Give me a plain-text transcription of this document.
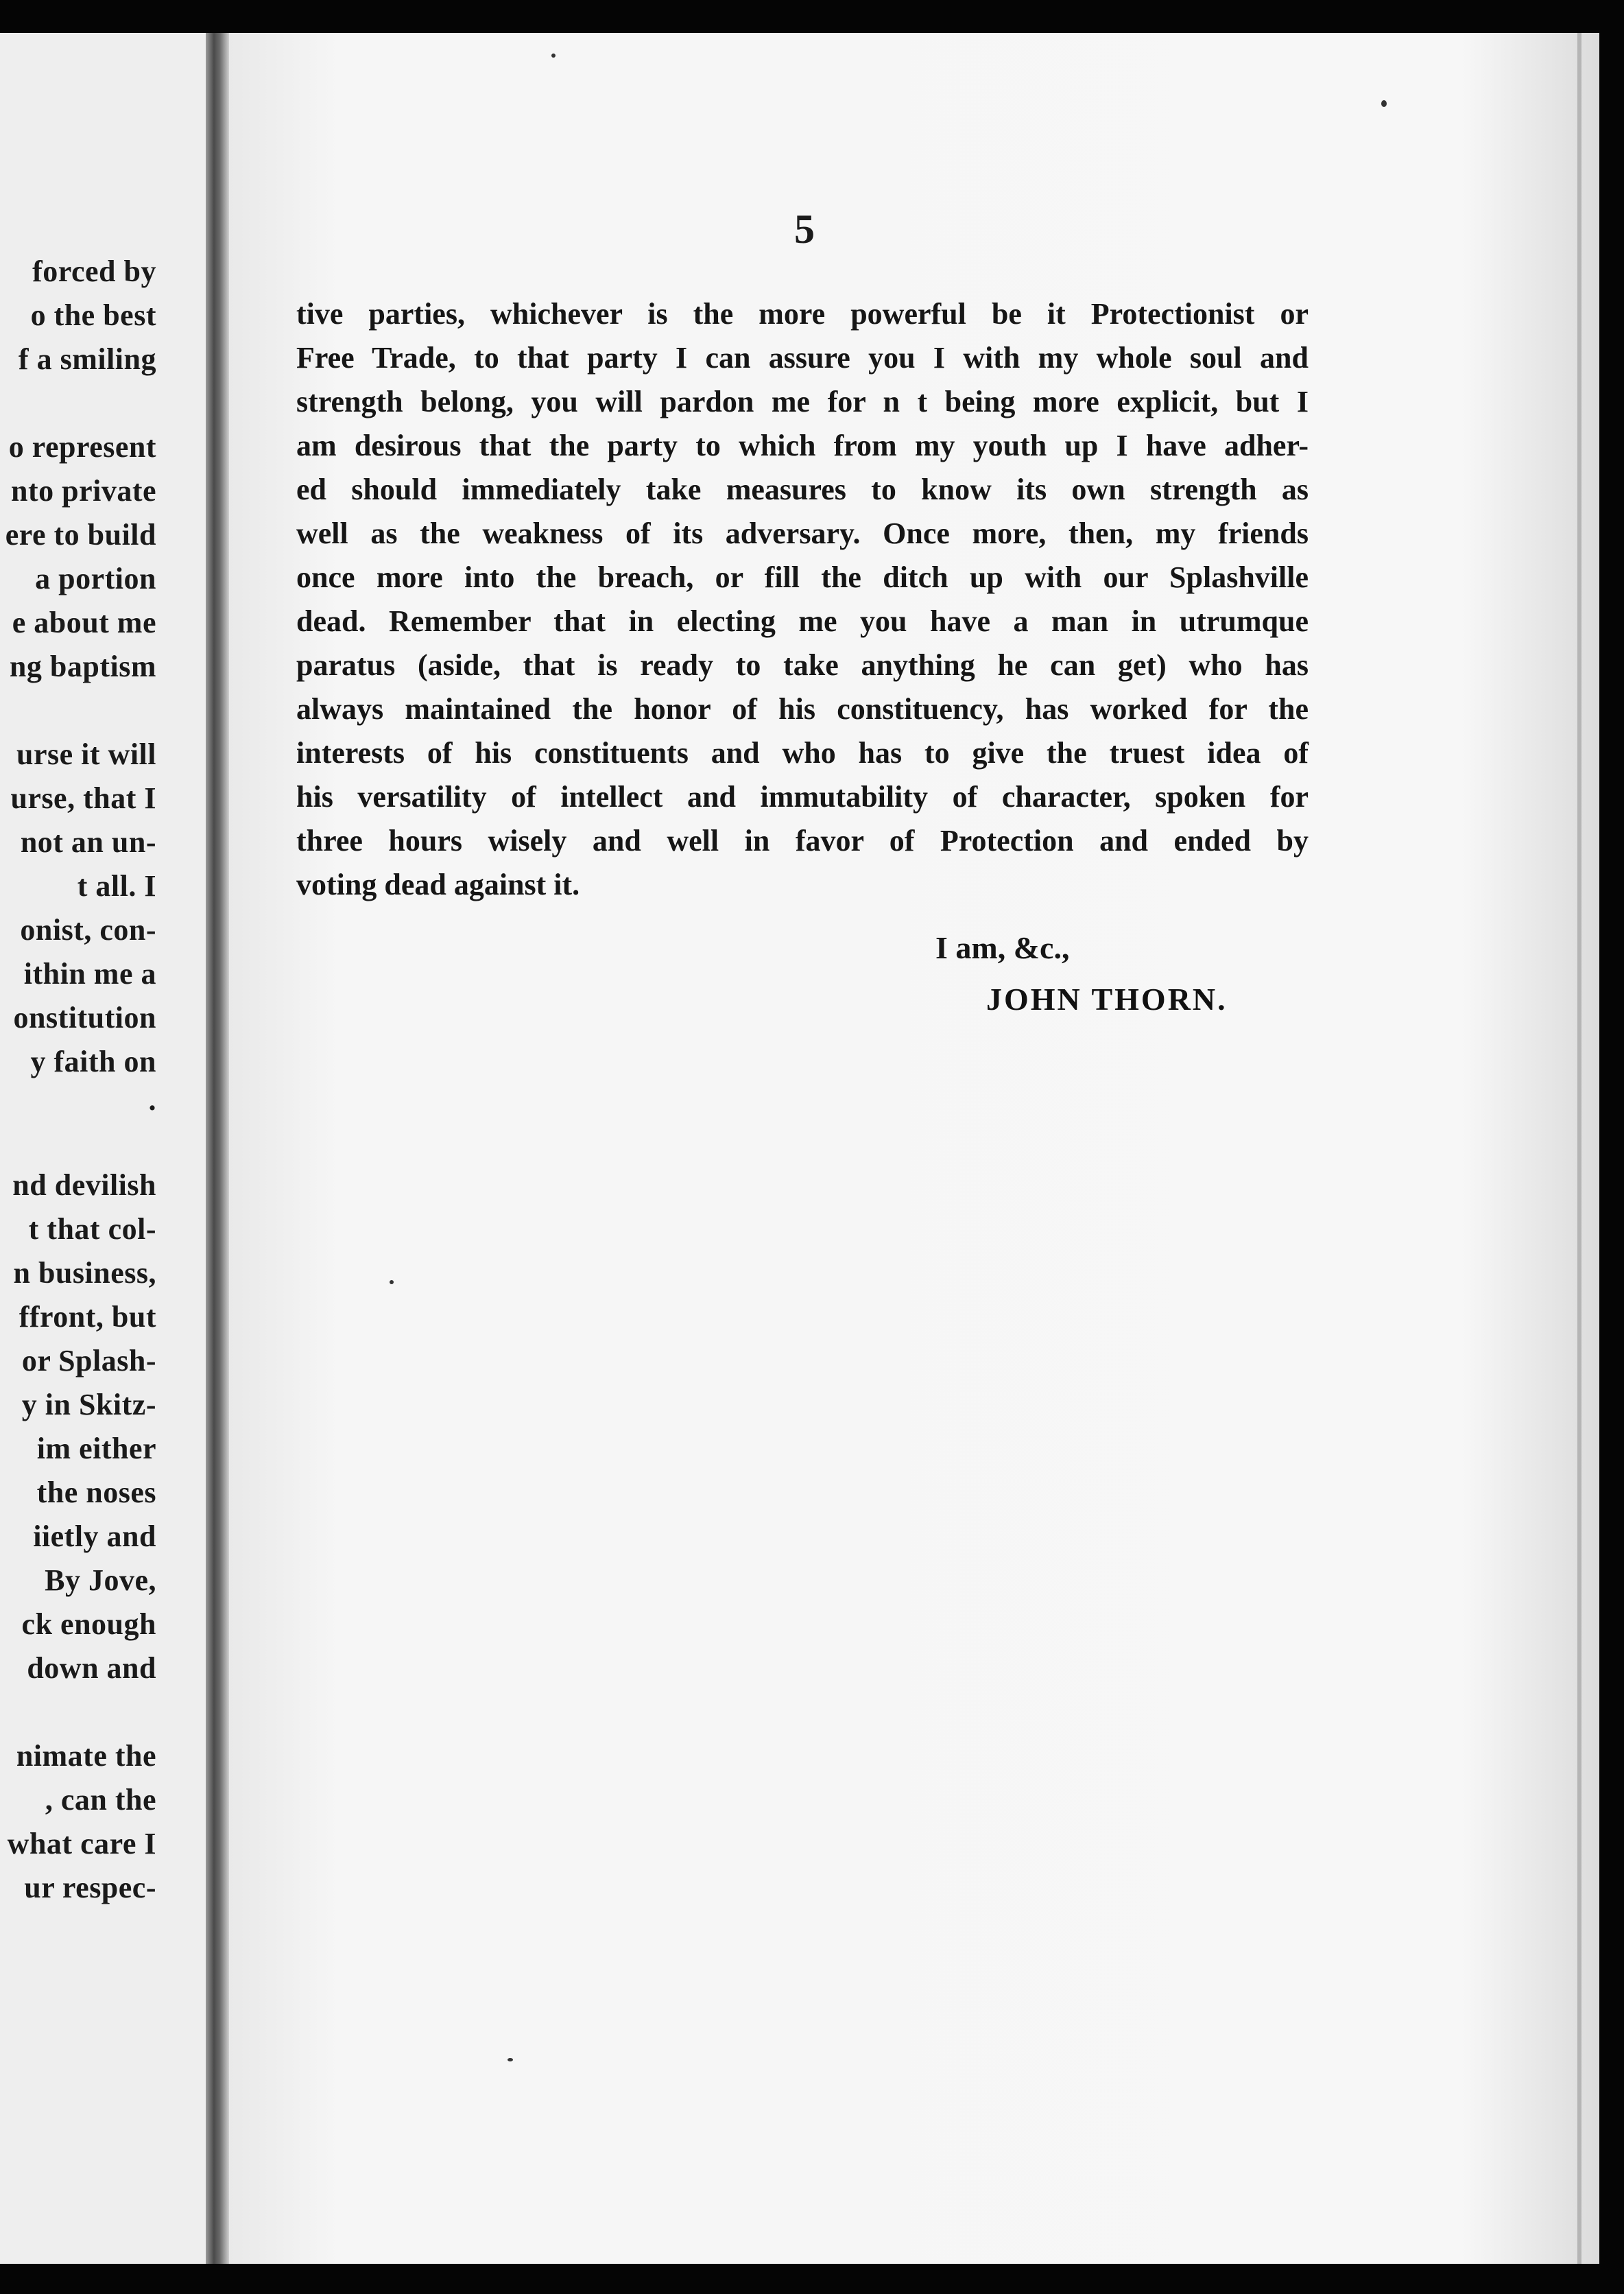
forced by
o the best
f a smiling
o represent
nto private
ere to build
a portion
e about me
ng baptism
urse it will
urse, that I
not an un-
t all. I
onist, con-
ithin me a
onstitution
y faith on
.
nd devilish
t that col-
n business,
ffront, but
or Splash-
y in Skitz-
im either
the noses
iietly and
By Jove,
ck enough
down and
nimate the
, can the
what care I
ur respec-
5
tive parties, whichever is the more powerful be it Protectionist or
Free Trade, to that party I can assure you I with my whole soul and
strength belong, you will pardon me for n t being more explicit, but I
am desirous that the party to which from my youth up I have adher-
ed should immediately take measures to know its own strength as
well as the weakness of its adversary. Once more, then, my friends
once more into the breach, or fill the ditch up with our Splashville
dead. Remember that in electing me you have a man in utrumque
paratus (aside, that is ready to take anything he can get) who has
always maintained the honor of his constituency, has worked for the
interests of his constituents and who has to give the truest idea of
his versatility of intellect and immutability of character, spoken for
three hours wisely and well in favor of Protection and ended by
voting dead against it.
I am, &c.,
JOHN THORN.
